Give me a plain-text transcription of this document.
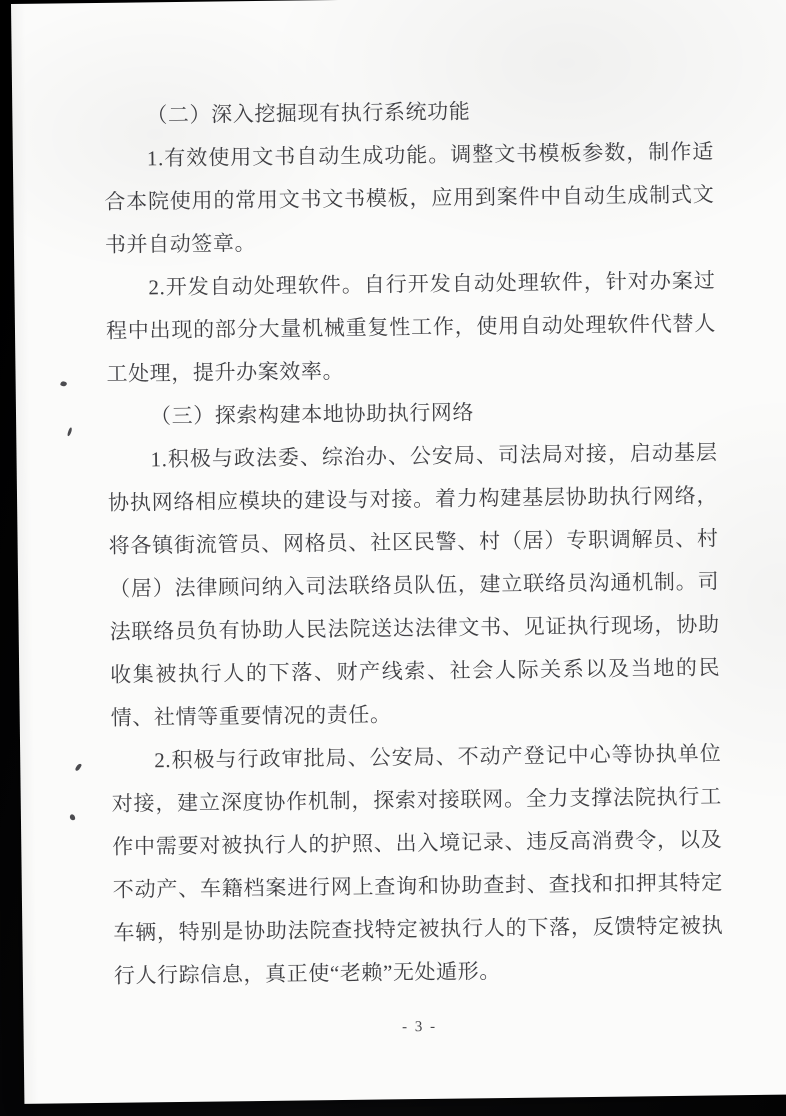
（二）深入挖掘现有执行系统功能

1.有效使用文书自动生成功能。调整文书模板参数，制作适合本院使用的常用文书文书模板，应用到案件中自动生成制式文书并自动签章。

2.开发自动处理软件。自行开发自动处理软件，针对办案过程中出现的部分大量机械重复性工作，使用自动处理软件代替人工处理，提升办案效率。

（三）探索构建本地协助执行网络

1.积极与政法委、综治办、公安局、司法局对接，启动基层协执网络相应模块的建设与对接。着力构建基层协助执行网络，将各镇街流管员、网格员、社区民警、村（居）专职调解员、村（居）法律顾问纳入司法联络员队伍，建立联络员沟通机制。司法联络员负有协助人民法院送达法律文书、见证执行现场，协助收集被执行人的下落、财产线索、社会人际关系以及当地的民情、社情等重要情况的责任。

2.积极与行政审批局、公安局、不动产登记中心等协执单位对接，建立深度协作机制，探索对接联网。全力支撑法院执行工作中需要对被执行人的护照、出入境记录、违反高消费令，以及不动产、车籍档案进行网上查询和协助查封、查找和扣押其特定车辆，特别是协助法院查找特定被执行人的下落，反馈特定被执行人行踪信息，真正使“老赖”无处遁形。

- 3 -
